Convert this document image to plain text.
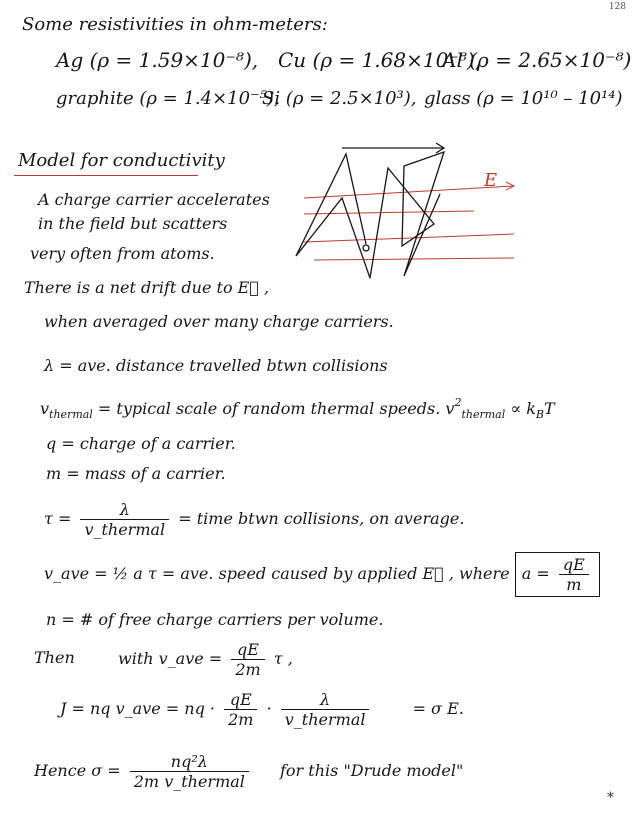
128
Some resistivities in ohm-meters:
Ag (ρ = 1.59×10⁻⁸), Cu (ρ = 1.68×10⁻⁸),
Al (ρ = 2.65×10⁻⁸)
graphite (ρ = 1.4×10⁻⁵),
Si (ρ = 2.5×10³), glass (ρ = 10¹⁰ – 10¹⁴)
Model for conductivity
A charge carrier accelerates
in the field but scatters
very often from atoms.
E
There is a net drift due to E⃗ ,
when averaged over many charge carriers.
λ = ave. distance travelled btwn collisions
$v_{thermal}$ = typical scale of random thermal speeds. $v^2_{thermal} \propto k_BT$
q = charge of a carrier.
m = mass of a carrier.
$\tau = \frac{\lambda}{\text{v\_thermal}}$ = time btwn collisions, on average.
v_ave = ½ a τ = ave. speed caused by applied E⃗ , where $a = \frac{qE}{m}$
n = # of free charge carriers per volume.
Then	with v_ave = $\frac{qE}{2m}$ τ ,
J = nq v_ave = nq · $\frac{qE}{2m} \cdot \frac{\lambda}{\text{v\_thermal}}$	= σ E.
Hence $\sigma = \frac{\text{nq²λ}}{\text{2m v\_thermal}}$ for this "Drude model"
*
